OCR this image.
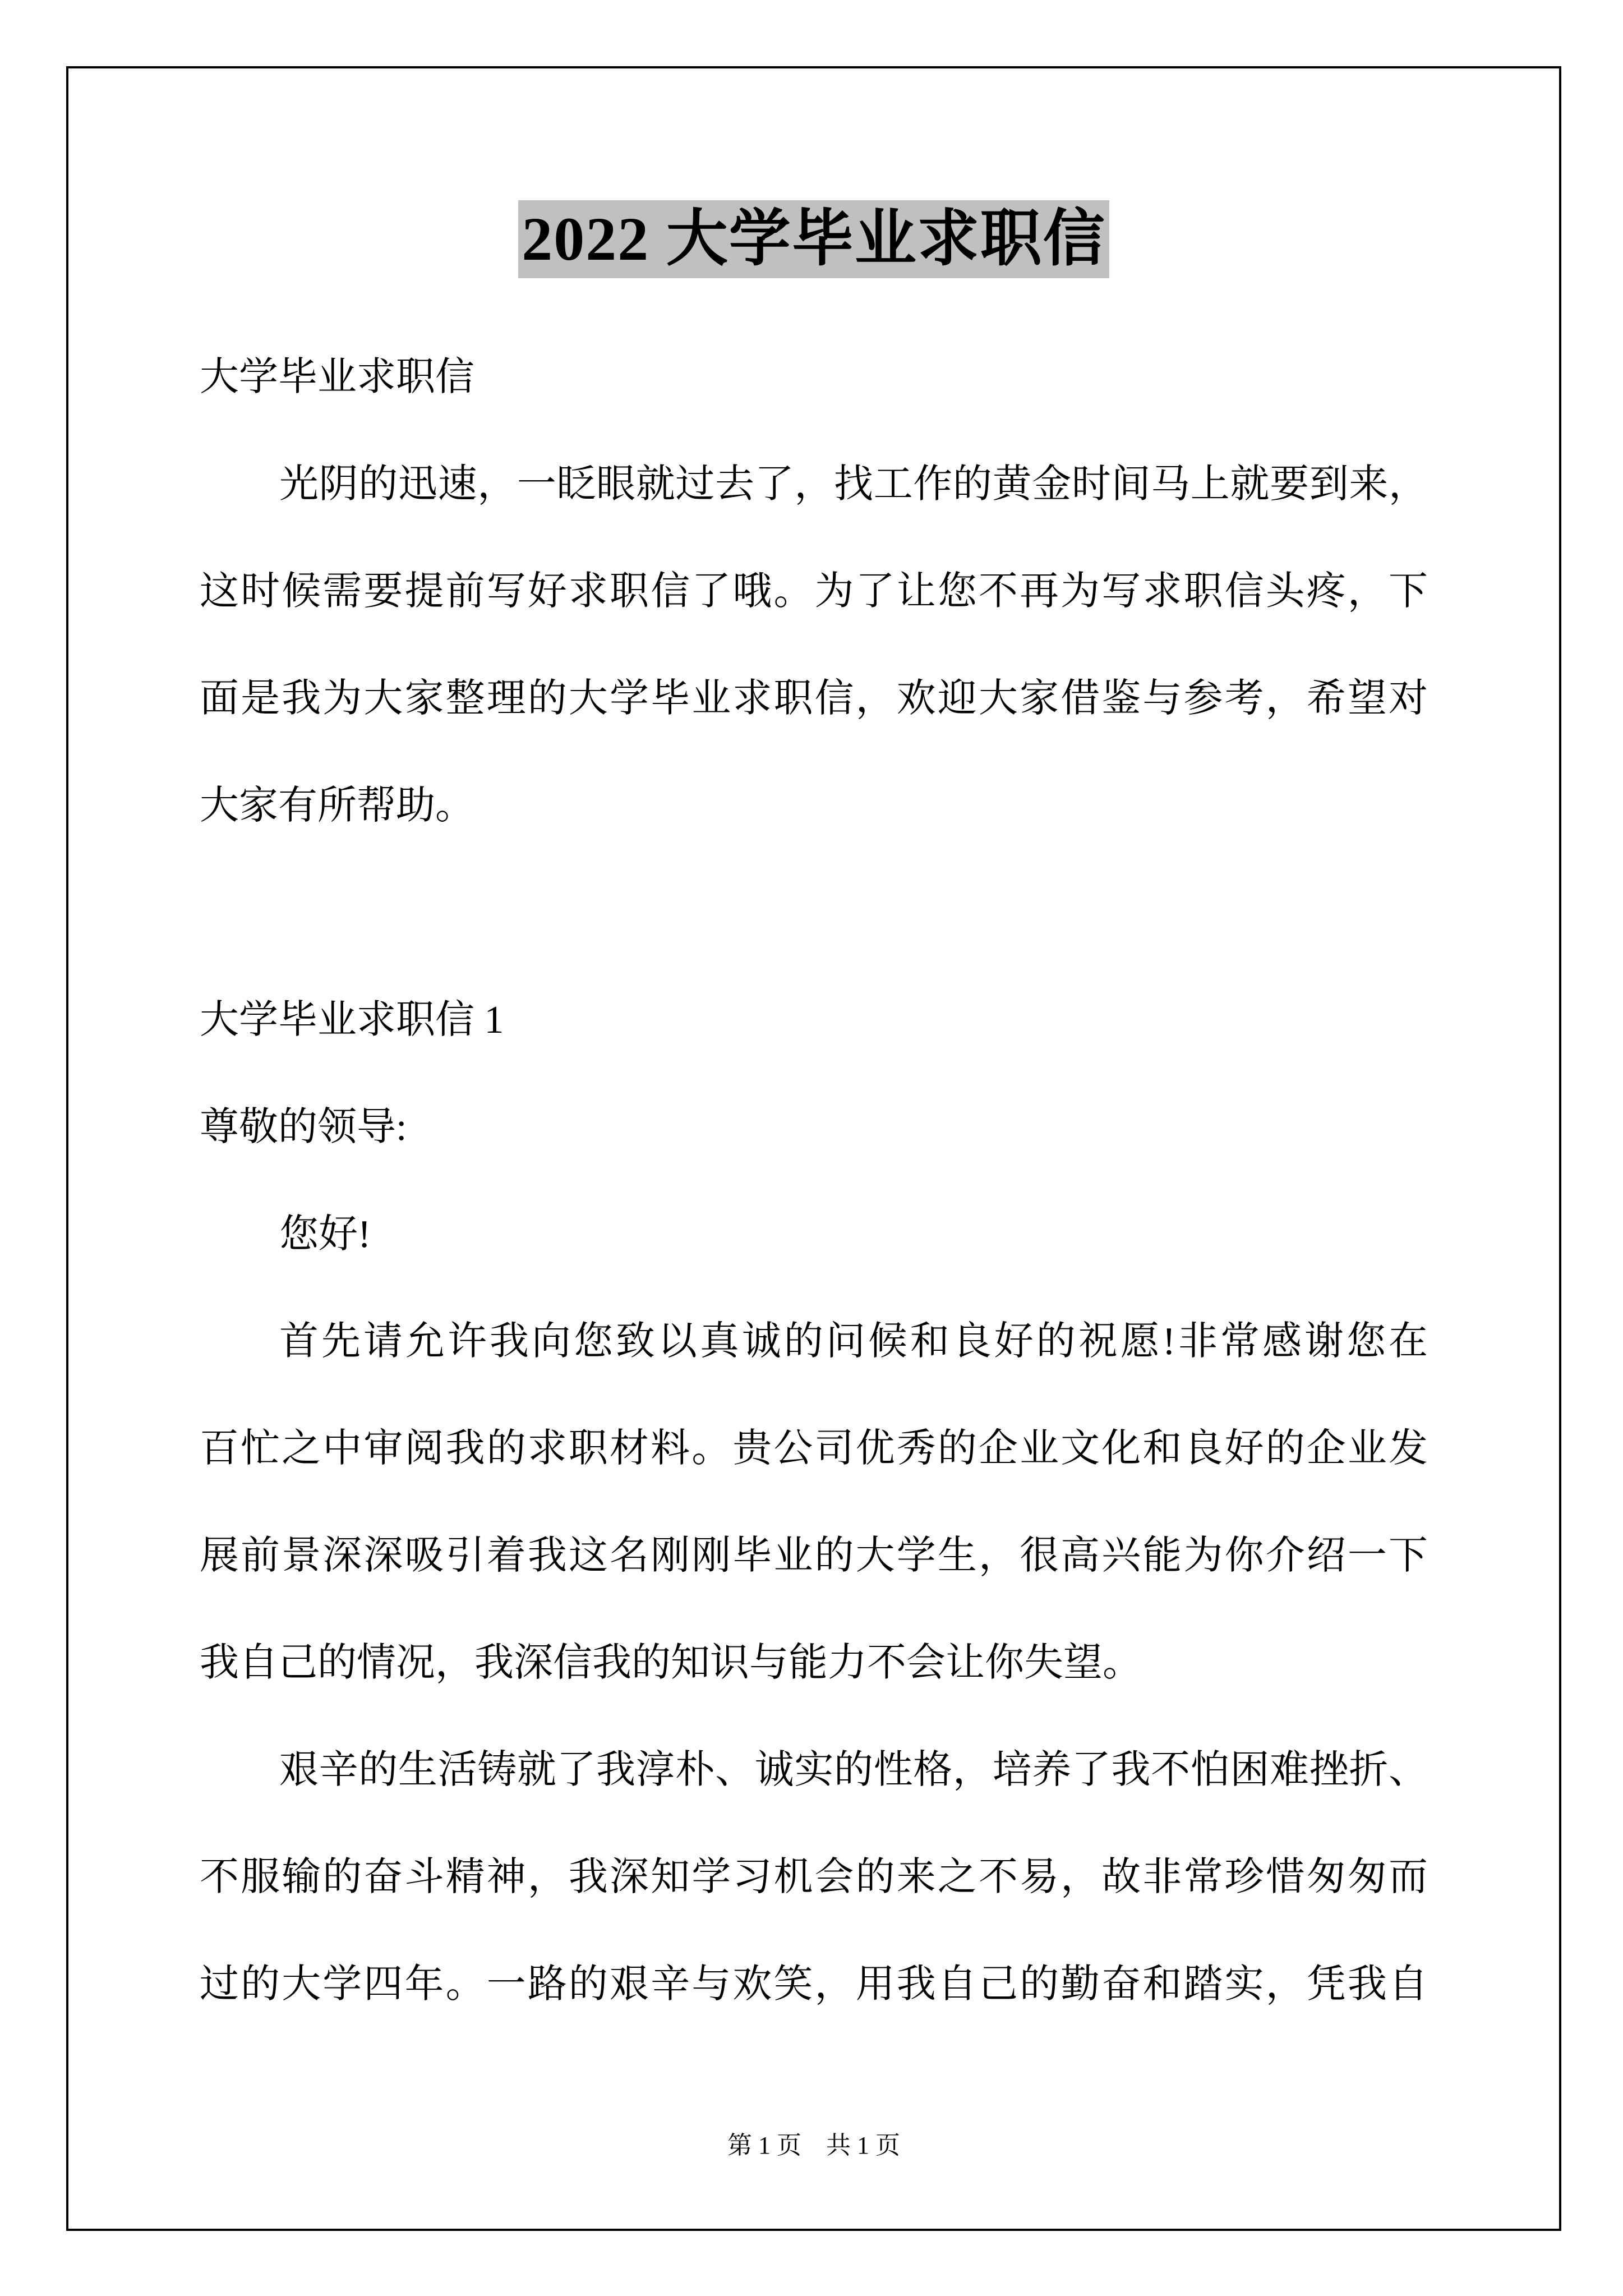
2022 大学毕业求职信
大学毕业求职信
光阴的迅速，一眨眼就过去了，找工作的黄金时间马上就要到来，
这时候需要提前写好求职信了哦。为了让您不再为写求职信头疼，下
面是我为大家整理的大学毕业求职信，欢迎大家借鉴与参考，希望对
大家有所帮助。
大学毕业求职信 1
尊敬的领导:
您好!
首先请允许我向您致以真诚的问候和良好的祝愿!非常感谢您在
百忙之中审阅我的求职材料。贵公司优秀的企业文化和良好的企业发
展前景深深吸引着我这名刚刚毕业的大学生，很高兴能为你介绍一下
我自己的情况，我深信我的知识与能力不会让你失望。
艰辛的生活铸就了我淳朴、诚实的性格，培养了我不怕困难挫折、
不服输的奋斗精神，我深知学习机会的来之不易，故非常珍惜匆匆而
过的大学四年。一路的艰辛与欢笑，用我自己的勤奋和踏实，凭我自
第 1 页　共 1 页
